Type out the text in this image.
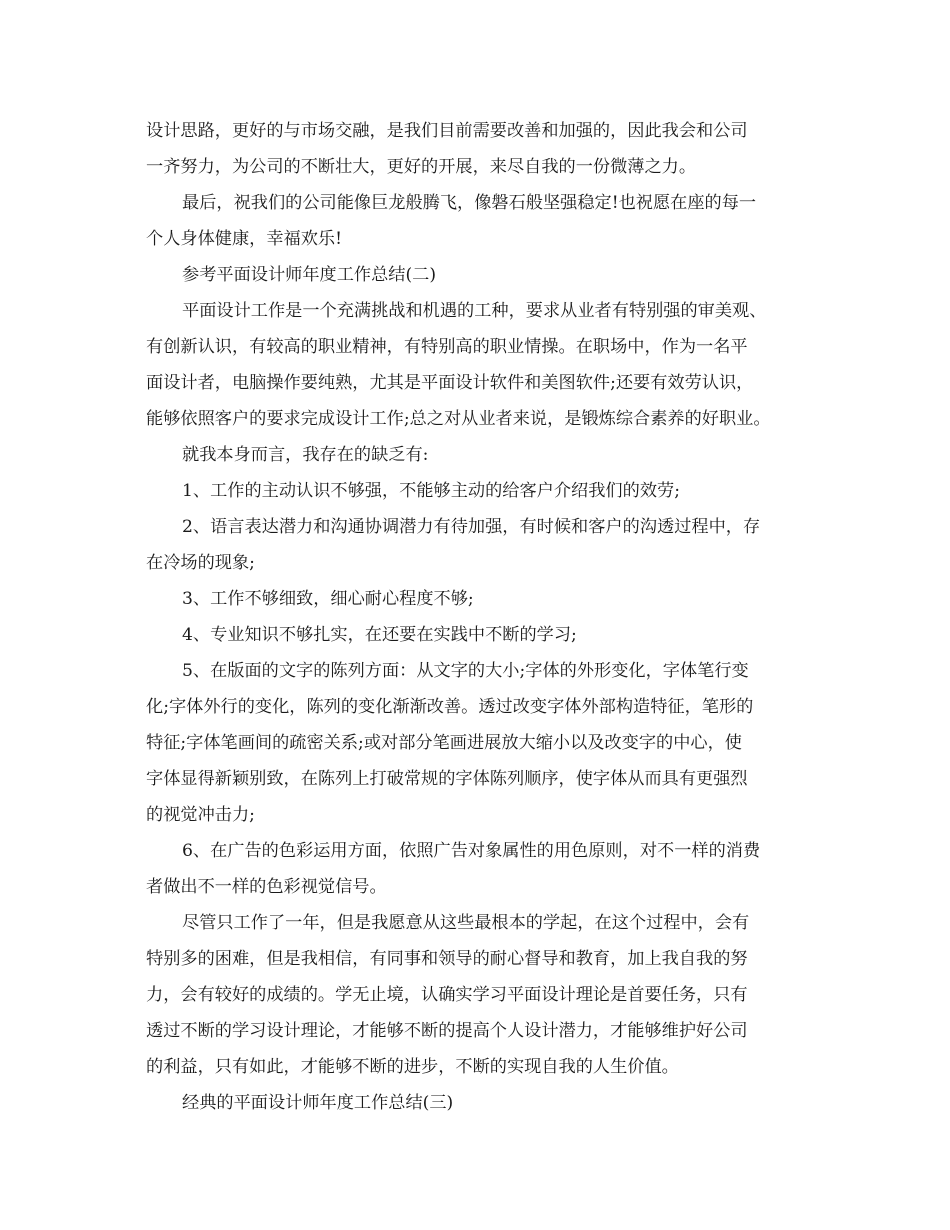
设计思路，更好的与市场交融，是我们目前需要改善和加强的，因此我会和公司
一齐努力，为公司的不断壮大，更好的开展，来尽自我的一份微薄之力。
最后，祝我们的公司能像巨龙般腾飞，像磐石般坚强稳定!也祝愿在座的每一
个人身体健康，幸福欢乐!
参考平面设计师年度工作总结(二)
平面设计工作是一个充满挑战和机遇的工种，要求从业者有特别强的审美观、
有创新认识，有较高的职业精神，有特别高的职业情操。在职场中，作为一名平
面设计者，电脑操作要纯熟，尤其是平面设计软件和美图软件;还要有效劳认识，
能够依照客户的要求完成设计工作;总之对从业者来说，是锻炼综合素养的好职业。
就我本身而言，我存在的缺乏有:
1、工作的主动认识不够强，不能够主动的给客户介绍我们的效劳;
2、语言表达潜力和沟通协调潜力有待加强，有时候和客户的沟透过程中，存
在冷场的现象;
3、工作不够细致，细心耐心程度不够;
4、专业知识不够扎实，在还要在实践中不断的学习;
5、在版面的文字的陈列方面：从文字的大小;字体的外形变化，字体笔行变
化;字体外行的变化，陈列的变化渐渐改善。透过改变字体外部构造特征，笔形的
特征;字体笔画间的疏密关系;或对部分笔画进展放大缩小以及改变字的中心，使
字体显得新颖别致，在陈列上打破常规的字体陈列顺序，使字体从而具有更强烈
的视觉冲击力;
6、在广告的色彩运用方面，依照广告对象属性的用色原则，对不一样的消费
者做出不一样的色彩视觉信号。
尽管只工作了一年，但是我愿意从这些最根本的学起，在这个过程中，会有
特别多的困难，但是我相信，有同事和领导的耐心督导和教育，加上我自我的努
力，会有较好的成绩的。学无止境，认确实学习平面设计理论是首要任务，只有
透过不断的学习设计理论，才能够不断的提高个人设计潜力，才能够维护好公司
的利益，只有如此，才能够不断的进步，不断的实现自我的人生价值。
经典的平面设计师年度工作总结(三)
